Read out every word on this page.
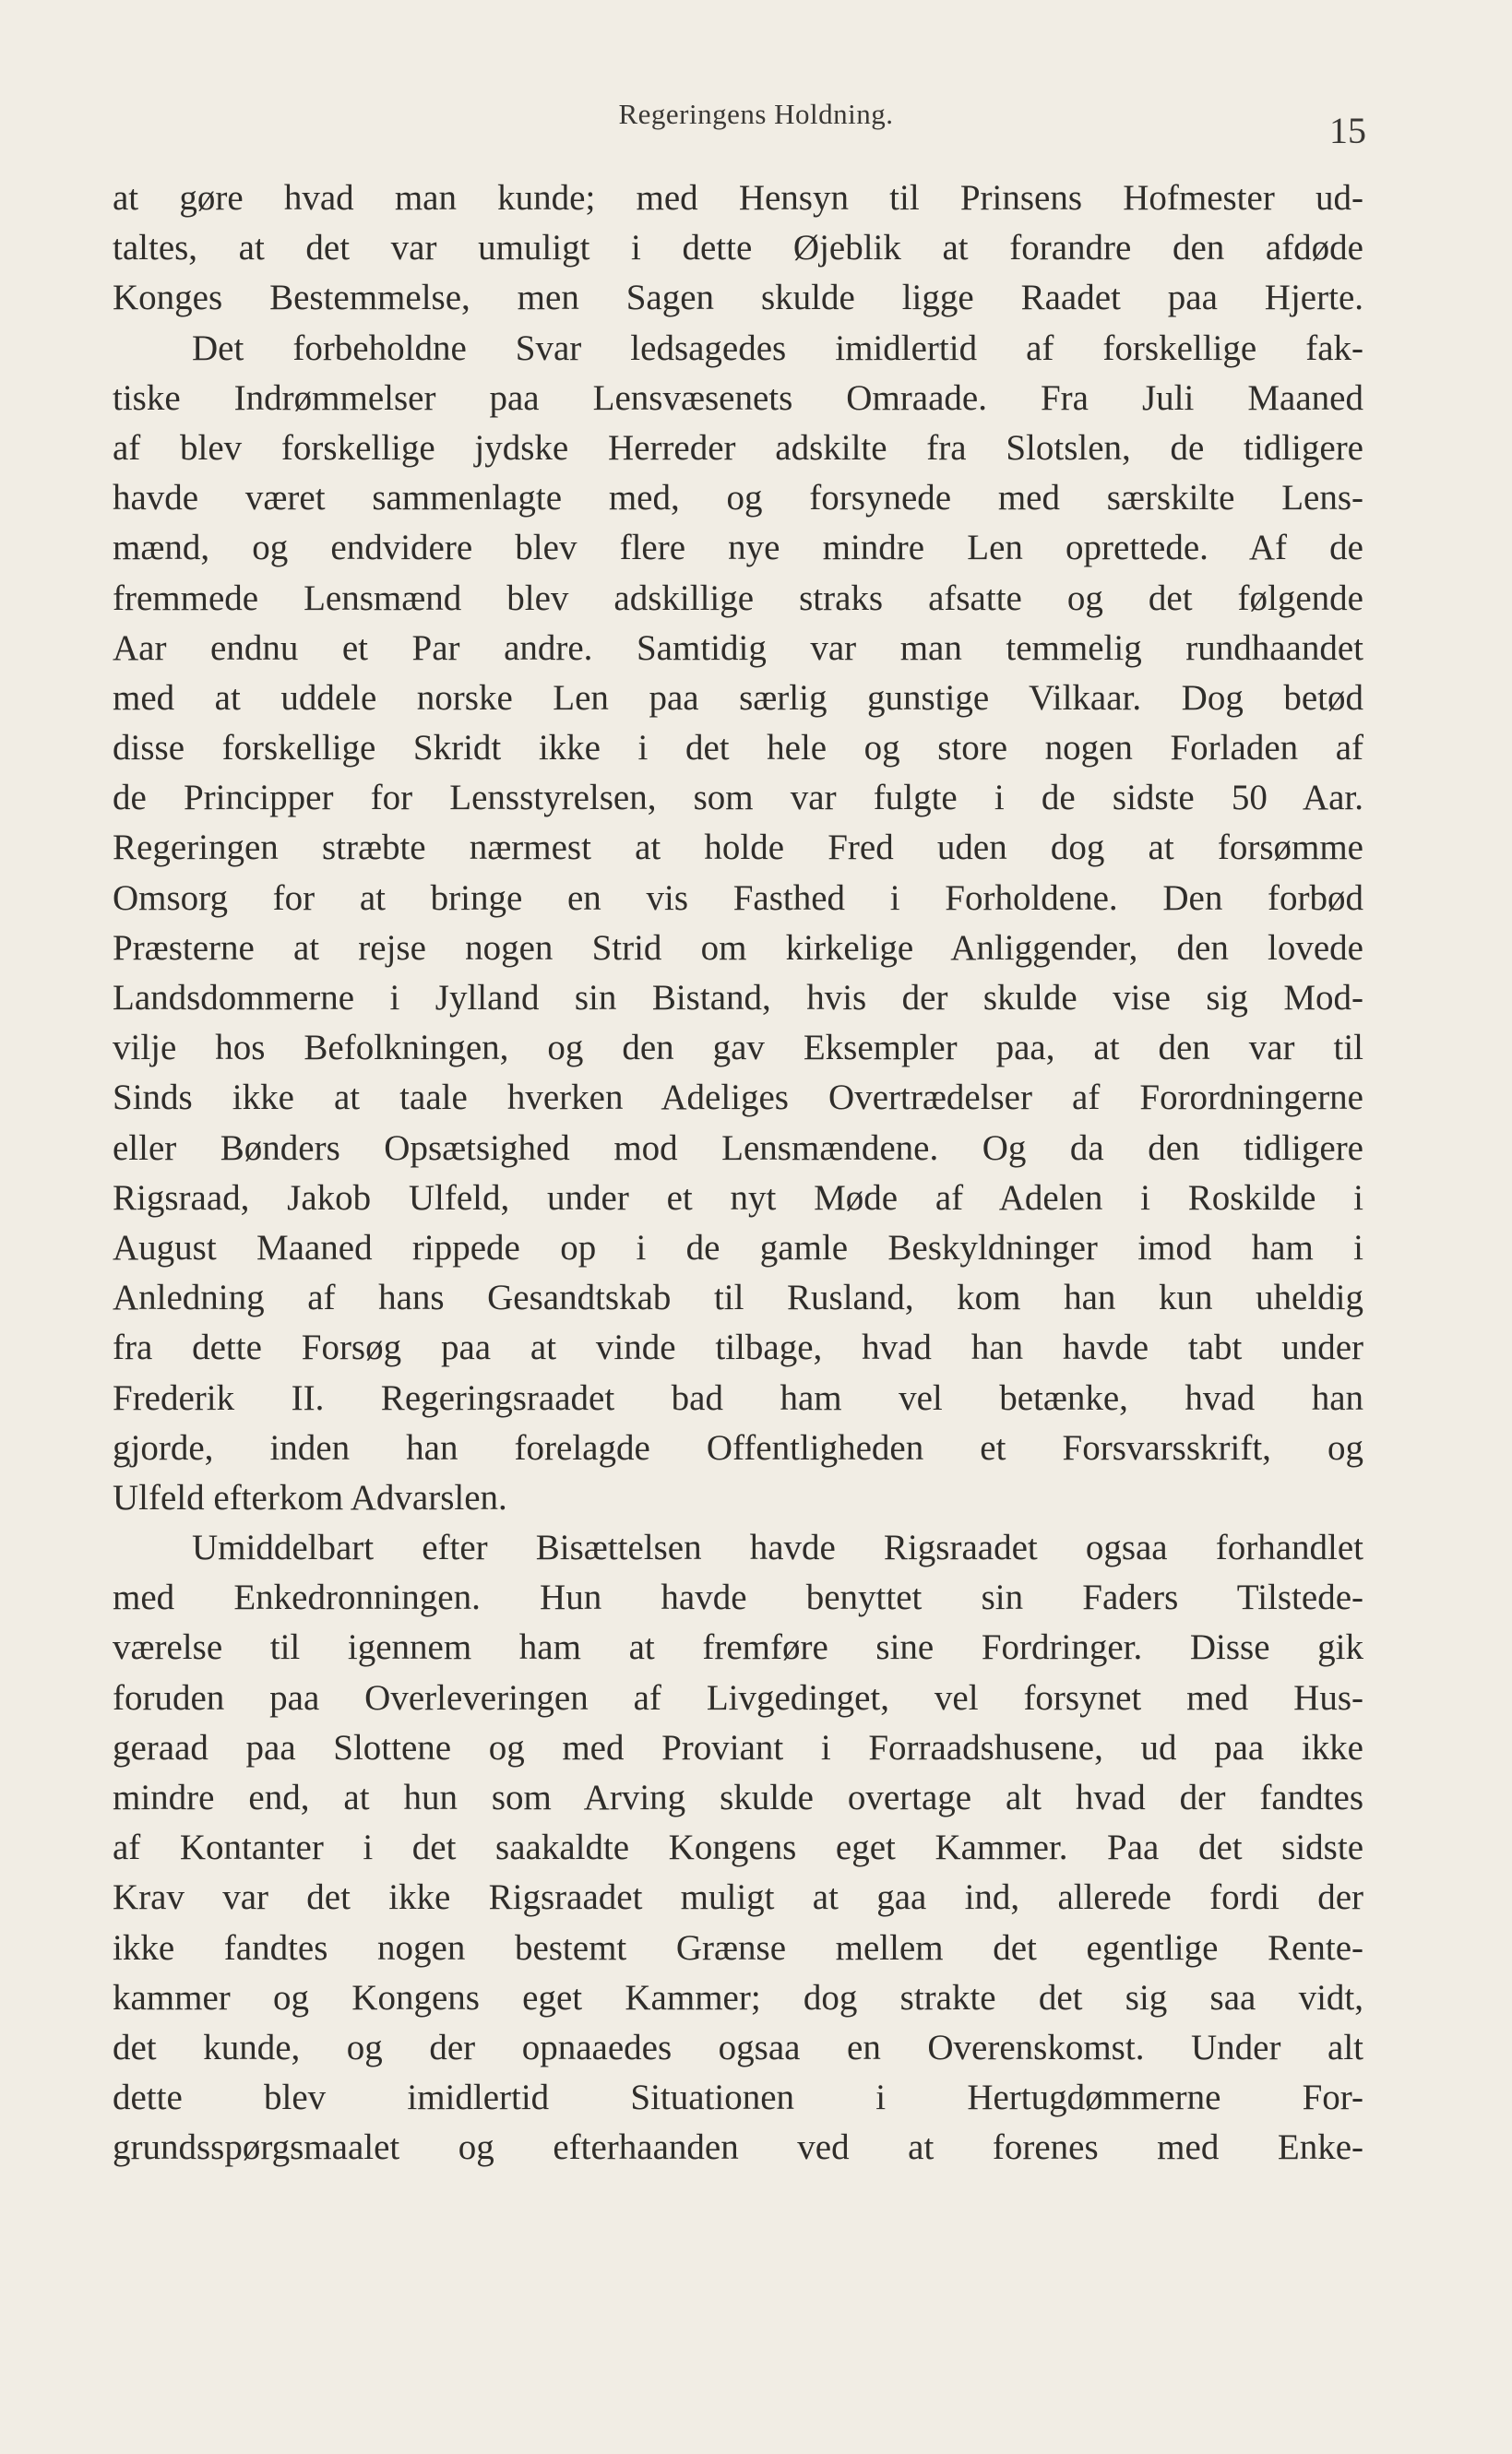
Regeringens Holdning.	15
at gøre hvad man kunde; med Hensyn til Prinsens Hofmester ud-
taltes, at det var umuligt i dette Øjeblik at forandre den afdøde
Konges Bestemmelse, men Sagen skulde ligge Raadet paa Hjerte.
Det forbeholdne Svar ledsagedes imidlertid af forskellige fak-
tiske Indrømmelser paa Lensvæsenets Omraade. Fra Juli Maaned
af blev forskellige jydske Herreder adskilte fra Slotslen, de tidligere
havde været sammenlagte med, og forsynede med særskilte Lens-
mænd, og endvidere blev flere nye mindre Len oprettede. Af de
fremmede Lensmænd blev adskillige straks afsatte og det følgende
Aar endnu et Par andre. Samtidig var man temmelig rundhaandet
med at uddele norske Len paa særlig gunstige Vilkaar. Dog betød
disse forskellige Skridt ikke i det hele og store nogen Forladen af
de Principper for Lensstyrelsen, som var fulgte i de sidste 50 Aar.
Regeringen stræbte nærmest at holde Fred uden dog at forsømme
Omsorg for at bringe en vis Fasthed i Forholdene. Den forbød
Præsterne at rejse nogen Strid om kirkelige Anliggender, den lovede
Landsdommerne i Jylland sin Bistand, hvis der skulde vise sig Mod-
vilje hos Befolkningen, og den gav Eksempler paa, at den var til
Sinds ikke at taale hverken Adeliges Overtrædelser af Forordningerne
eller Bønders Opsætsighed mod Lensmændene. Og da den tidligere
Rigsraad, Jakob Ulfeld, under et nyt Møde af Adelen i Roskilde i
August Maaned rippede op i de gamle Beskyldninger imod ham i
Anledning af hans Gesandtskab til Rusland, kom han kun uheldig
fra dette Forsøg paa at vinde tilbage, hvad han havde tabt under
Frederik II. Regeringsraadet bad ham vel betænke, hvad han
gjorde, inden han forelagde Offentligheden et Forsvarsskrift, og
Ulfeld efterkom Advarslen.
Umiddelbart efter Bisættelsen havde Rigsraadet ogsaa forhandlet
med Enkedronningen. Hun havde benyttet sin Faders Tilstede-
værelse til igennem ham at fremføre sine Fordringer. Disse gik
foruden paa Overleveringen af Livgedinget, vel forsynet med Hus-
geraad paa Slottene og med Proviant i Forraadshusene, ud paa ikke
mindre end, at hun som Arving skulde overtage alt hvad der fandtes
af Kontanter i det saakaldte Kongens eget Kammer. Paa det sidste
Krav var det ikke Rigsraadet muligt at gaa ind, allerede fordi der
ikke fandtes nogen bestemt Grænse mellem det egentlige Rente-
kammer og Kongens eget Kammer; dog strakte det sig saa vidt,
det kunde, og der opnaaedes ogsaa en Overenskomst. Under alt
dette blev imidlertid Situationen i Hertugdømmerne For-
grundsspørgsmaalet og efterhaanden ved at forenes med Enke-
